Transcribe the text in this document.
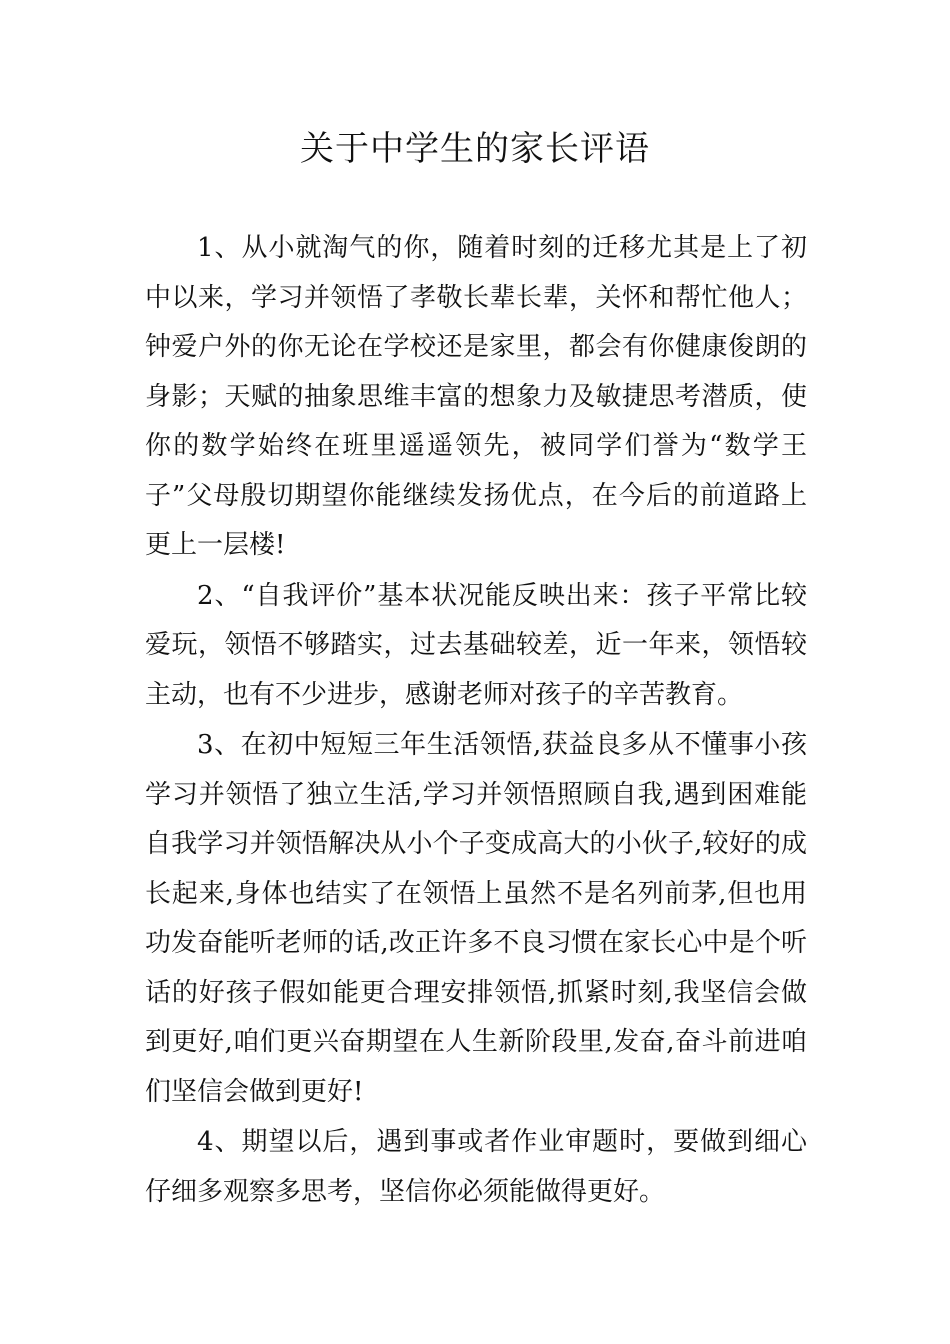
关于中学生的家长评语

1、从小就淘气的你，随着时刻的迁移尤其是上了初中以来，学习并领悟了孝敬长辈长辈，关怀和帮忙他人；钟爱户外的你无论在学校还是家里，都会有你健康俊朗的身影；天赋的抽象思维丰富的想象力及敏捷思考潜质，使你的数学始终在班里遥遥领先，被同学们誉为“数学王子”父母殷切期望你能继续发扬优点，在今后的前道路上更上一层楼!

2、“自我评价”基本状况能反映出来：孩子平常比较爱玩，领悟不够踏实，过去基础较差，近一年来，领悟较主动，也有不少进步，感谢老师对孩子的辛苦教育。

3、在初中短短三年生活领悟,获益良多从不懂事小孩学习并领悟了独立生活,学习并领悟照顾自我,遇到困难能自我学习并领悟解决从小个子变成高大的小伙子,较好的成长起来,身体也结实了在领悟上虽然不是名列前茅,但也用功发奋能听老师的话,改正许多不良习惯在家长心中是个听话的好孩子假如能更合理安排领悟,抓紧时刻,我坚信会做到更好,咱们更兴奋期望在人生新阶段里,发奋,奋斗前进咱们坚信会做到更好!

4、期望以后，遇到事或者作业审题时，要做到细心仔细多观察多思考，坚信你必须能做得更好。
